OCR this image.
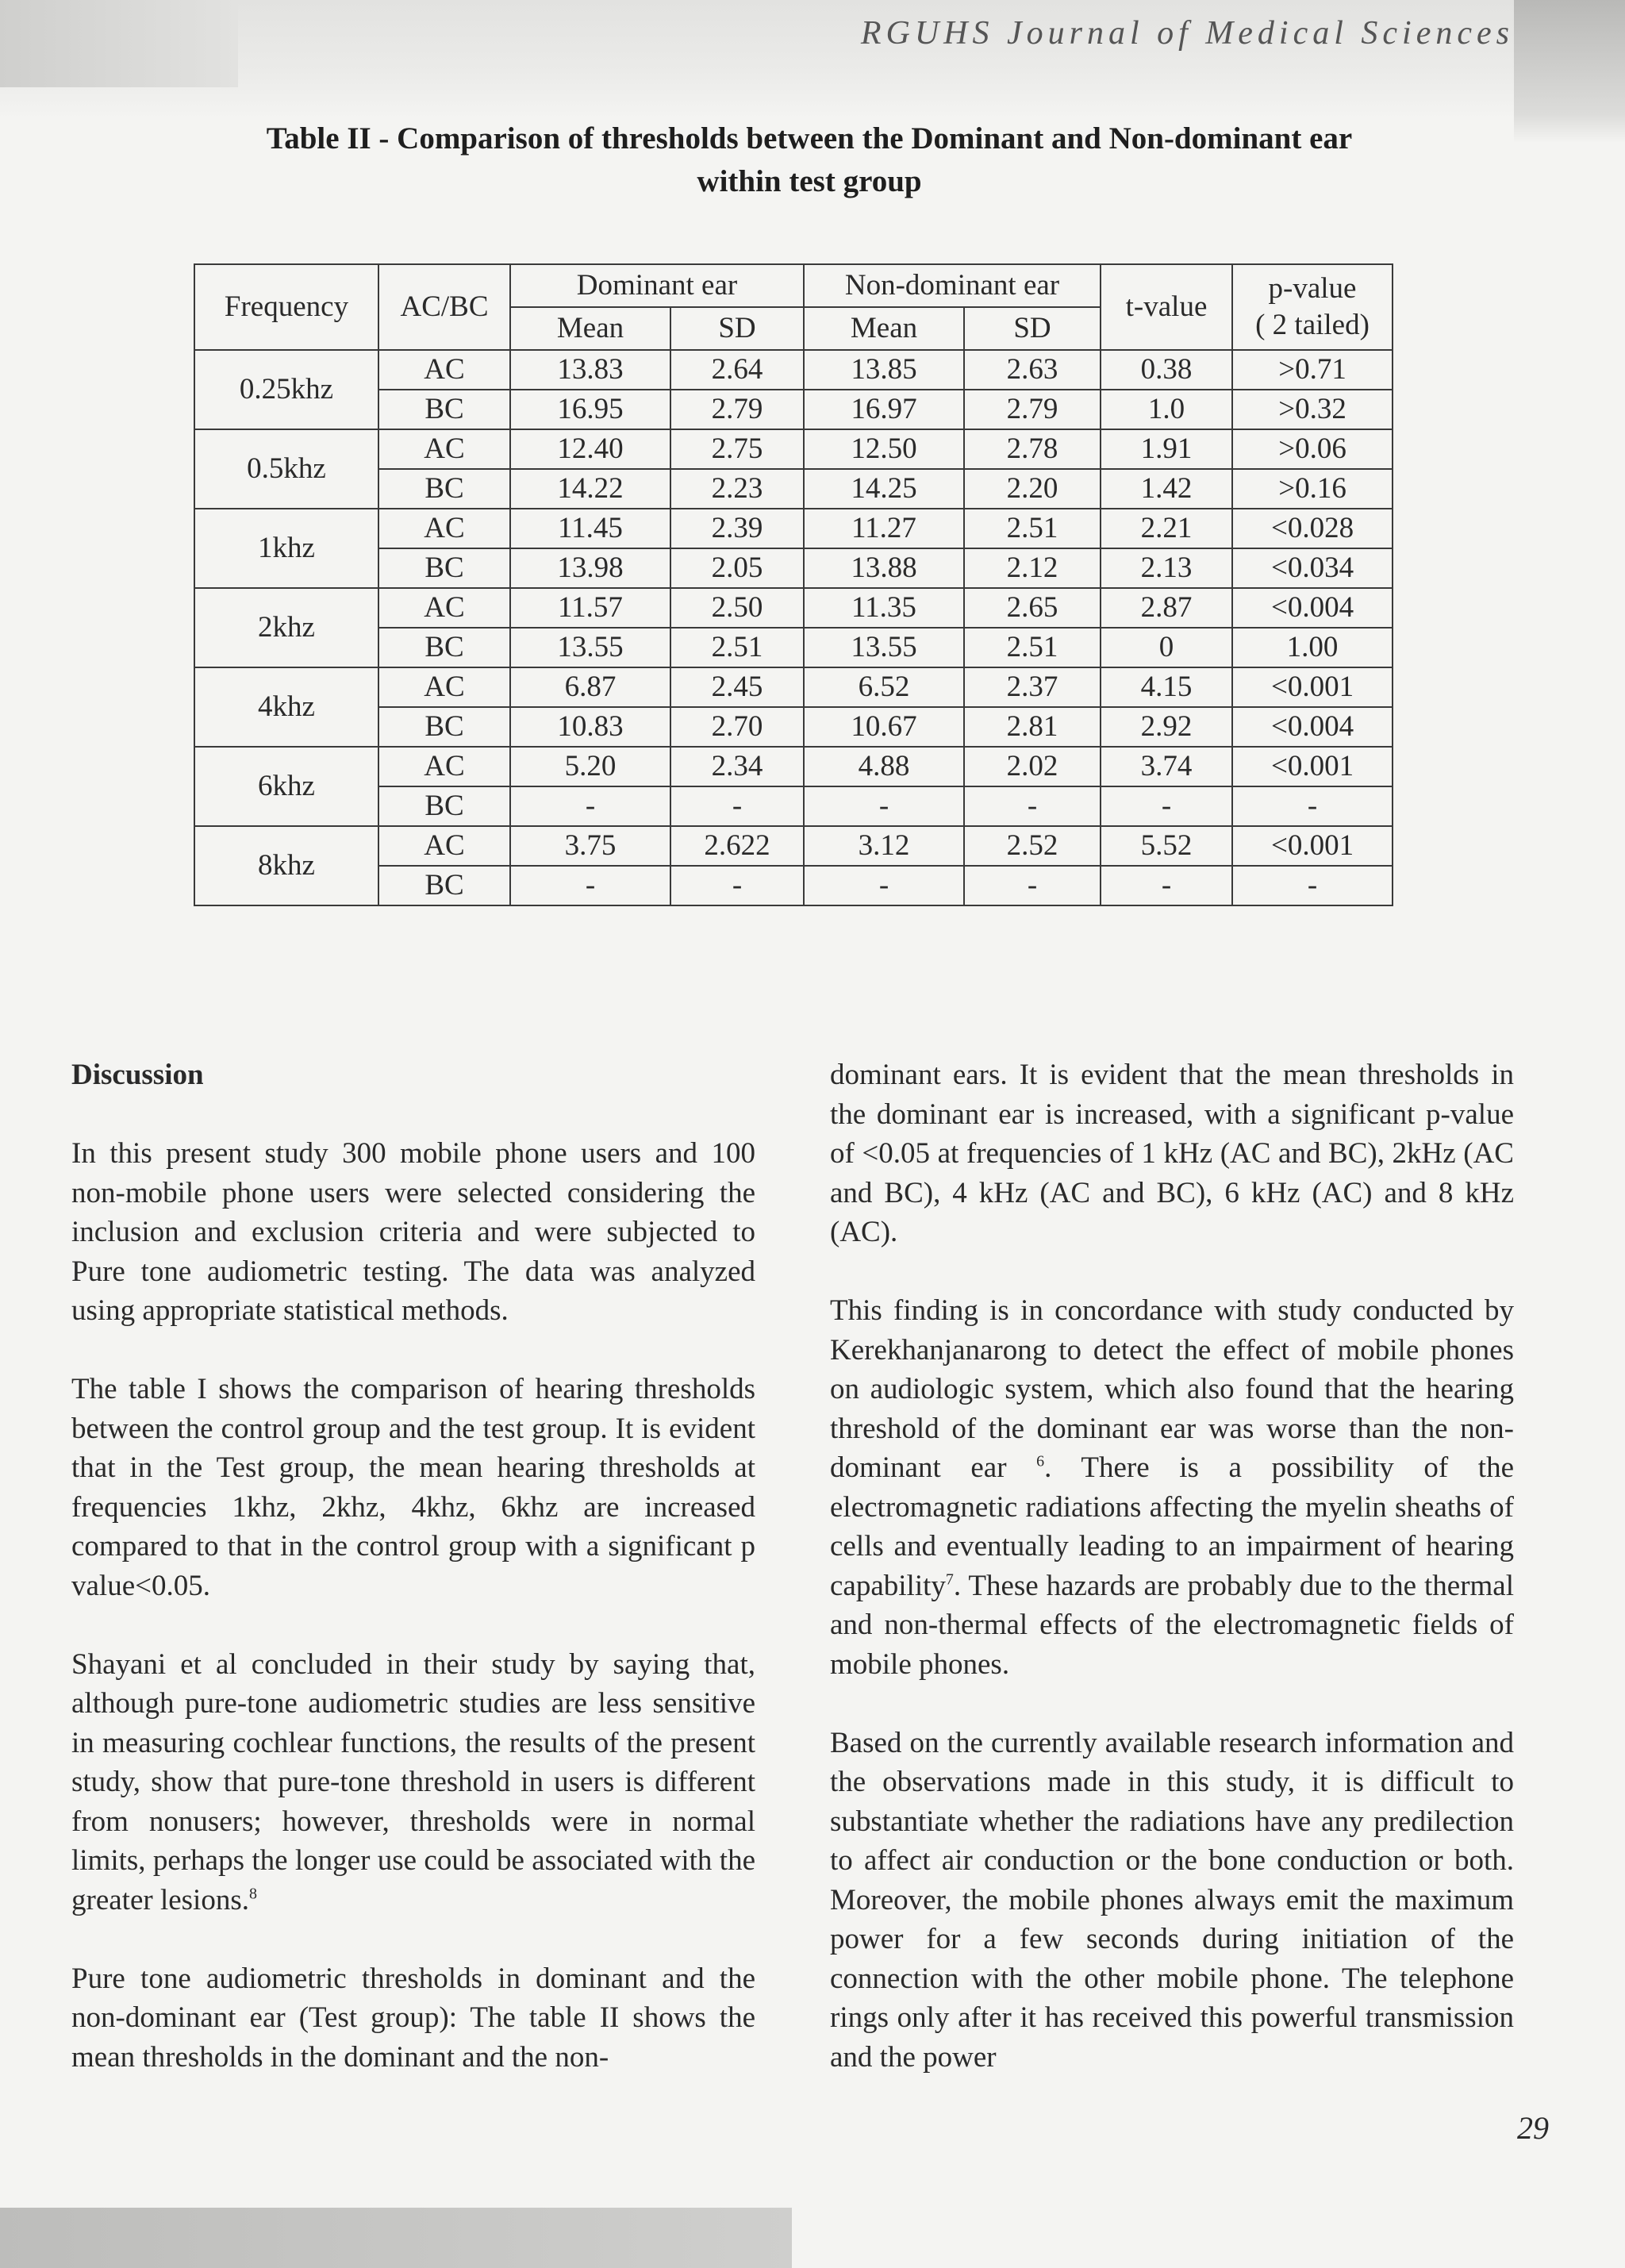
RGUHS Journal of Medical Sciences
Table II - Comparison of thresholds between the Dominant and Non-dominant ear
within test group
Frequency	AC/BC	Dominant ear		Non-dominant ear		t-value	p-value
( 2 tailed)
		Mean	SD	Mean	SD		
0.25khz	AC	13.83	2.64	13.85	2.63	0.38	>0.71
	BC	16.95	2.79	16.97	2.79	1.0	>0.32
0.5khz	AC	12.40	2.75	12.50	2.78	1.91	>0.06
	BC	14.22	2.23	14.25	2.20	1.42	>0.16
1khz	AC	11.45	2.39	11.27	2.51	2.21	<0.028
	BC	13.98	2.05	13.88	2.12	2.13	<0.034
2khz	AC	11.57	2.50	11.35	2.65	2.87	<0.004
	BC	13.55	2.51	13.55	2.51	0	1.00
4khz	AC	6.87	2.45	6.52	2.37	4.15	<0.001
	BC	10.83	2.70	10.67	2.81	2.92	<0.004
6khz	AC	5.20	2.34	4.88	2.02	3.74	<0.001
	BC	-	-	-	-	-	-
8khz	AC	3.75	2.622	3.12	2.52	5.52	<0.001
	BC	-	-	-	-	-	-
Discussion

In this present study 300 mobile phone users and 100 non-mobile phone users were selected considering the inclusion and exclusion criteria and were subjected to Pure tone audiometric testing. The data was analyzed using appropriate statistical methods.

The table I shows the comparison of hearing thresholds between the control group and the test group. It is evident that in the Test group, the mean hearing thresholds at frequencies 1khz, 2khz, 4khz, 6khz are increased compared to that in the control group with a significant p value<0.05.

Shayani et al concluded in their study by saying that, although pure-tone audiometric studies are less sensitive in measuring cochlear functions, the results of the present study, show that pure-tone threshold in users is different from nonusers; however, thresholds were in normal limits, perhaps the longer use could be associated with the greater lesions.$^8$

Pure tone audiometric thresholds in dominant and the non-dominant ear (Test group): The table II shows the mean thresholds in the dominant and the non-

dominant ears. It is evident that the mean thresholds in the dominant ear is increased, with a significant p-value of <0.05 at frequencies of 1 kHz (AC and BC), 2kHz (AC and BC), 4 kHz (AC and BC), 6 kHz (AC) and 8 kHz (AC).

This finding is in concordance with study conducted by Kerekhanjanarong to detect the effect of mobile phones on audiologic system, which also found that the hearing threshold of the dominant ear was worse than the non-dominant ear $^6$. There is a possibility of the electromagnetic radiations affecting the myelin sheaths of cells and eventually leading to an impairment of hearing capability$^7$. These hazards are probably due to the thermal and non-thermal effects of the electromagnetic fields of mobile phones.

Based on the currently available research information and the observations made in this study, it is difficult to substantiate whether the radiations have any predilection to affect air conduction or the bone conduction or both. Moreover, the mobile phones always emit the maximum power for a few seconds during initiation of the connection with the other mobile phone. The telephone rings only after it has received this powerful transmission and the power

29
